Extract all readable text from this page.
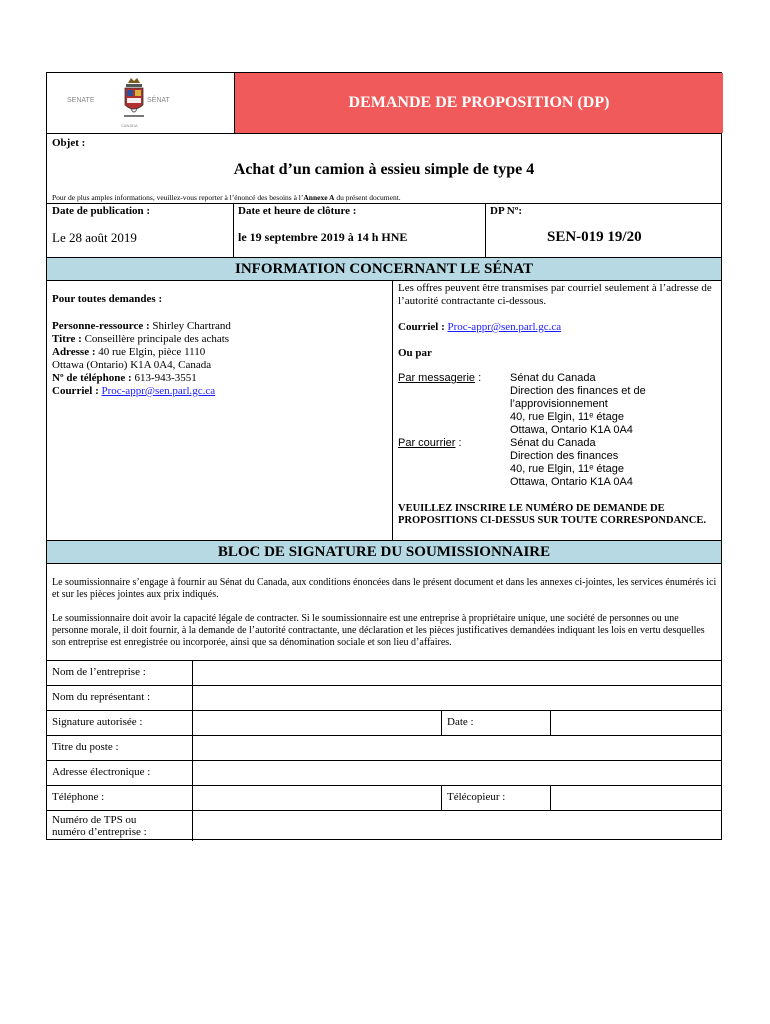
SENATE	SÉNAT
CANADA
DEMANDE DE PROPOSITION (DP)
Objet :
Achat d’un camion à essieu simple de type 4
Pour de plus amples informations, veuillez-vous reporter à l’énoncé des besoins à l’Annexe A du présent document.
Date de publication :
Le 28 août 2019
Date et heure de clôture :
le 19 septembre 2019 à 14 h HNE
DP Nº:
SEN-019 19/20
INFORMATION CONCERNANT LE SÉNAT
Pour toutes demandes :
Personne-ressource : Shirley Chartrand
Titre : Conseillère principale des achats
Adresse : 40 rue Elgin, pièce 1110
Ottawa (Ontario) K1A 0A4, Canada
Nº de téléphone : 613-943-3551
Courriel : Proc-appr@sen.parl.gc.ca
Les offres peuvent être transmises par courriel seulement à l’adresse de l’autorité contractante ci-dessous.
Courriel : Proc-appr@sen.parl.gc.ca
Ou par
Par messagerie :	Sénat du Canada
Direction des finances et de
l’approvisionnement
40, rue Elgin, 11ᵉ étage
Ottawa, Ontario K1A 0A4
Par courrier :	Sénat du Canada
Direction des finances
40, rue Elgin, 11ᵉ étage
Ottawa, Ontario K1A 0A4
VEUILLEZ INSCRIRE LE NUMÉRO DE DEMANDE DE PROPOSITIONS CI-DESSUS SUR TOUTE CORRESPONDANCE.
BLOC DE SIGNATURE DU SOUMISSIONNAIRE
Le soumissionnaire s’engage à fournir au Sénat du Canada, aux conditions énoncées dans le présent document et dans les annexes ci-jointes, les services énumérés ici et sur les pièces jointes aux prix indiqués.
Le soumissionnaire doit avoir la capacité légale de contracter. Si le soumissionnaire est une entreprise à propriétaire unique, une société de personnes ou une personne morale, il doit fournir, à la demande de l’autorité contractante, une déclaration et les pièces justificatives demandées indiquant les lois en vertu desquelles son entreprise est enregistrée ou incorporée, ainsi que sa dénomination sociale et son lieu d’affaires.
Nom de l’entreprise :
Nom du représentant :
Signature autorisée :	Date :
Titre du poste :
Adresse électronique :
Téléphone :	Télécopieur :
Numéro de TPS ou
numéro d’entreprise :
